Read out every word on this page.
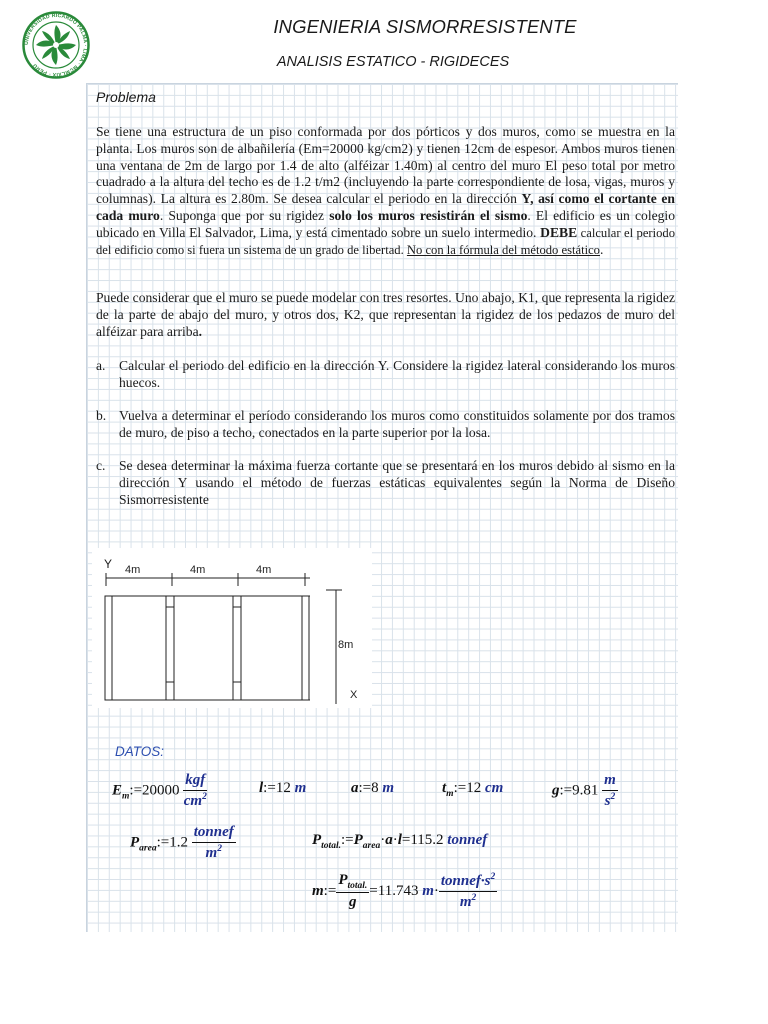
UNIVERSIDAD RICARDO PALMA · LIMA · MCMLXIX · PERÚ
INGENIERIA SISMORRESISTENTE
ANALISIS ESTATICO - RIGIDECES
Problema

Se tiene una estructura de un piso conformada por dos pórticos y dos muros, como se muestra en la planta. Los muros son de albañilería (Em=20000 kg/cm2) y tienen 12cm de espesor. Ambos muros tienen una ventana de 2m de largo por 1.4 de alto (alféizar 1.40m) al centro del muro El peso total por metro cuadrado a la altura del techo es de 1.2 t/m2 (incluyendo la parte correspondiente de losa, vigas, muros y columnas). La altura es 2.80m. Se desea calcular el periodo en la dirección Y, así como el cortante en cada muro. Suponga que por su rigidez solo los muros resistirán el sismo. El edificio es un colegio ubicado en Villa El Salvador, Lima, y está cimentado sobre un suelo intermedio. DEBE calcular el periodo del edificio como si fuera un sistema de un grado de libertad. No con la fórmula del método estático.

Puede considerar que el muro se puede modelar con tres resortes. Uno abajo, K1, que representa la rigidez de la parte de abajo del muro, y otros dos, K2, que representan la rigidez de los pedazos de muro del alféizar para arriba.

a. Calcular el periodo del edificio en la dirección Y. Considere la rigidez lateral considerando los muros huecos.
b. Vuelva a determinar el período considerando los muros como constituidos solamente por dos tramos de muro, de piso a techo, conectados en la parte superior por la losa.
c. Se desea determinar la máxima fuerza cortante que se presentará en los muros debido al sismo en la dirección Y usando el método de fuerzas estáticas equivalentes según la Norma de Diseño Sismorresistente
Y 4m	4m	4m
8m
X
DATOS:
$E_m:=20000 \frac{\text{kgf}}{cm^2}$	l:=12 m	a:=8 m	$t_m:=12$ cm	g:=9.81 $\frac{m}{s^2}$
$P_{area}:=1.2 \frac{\text{tonnef}}{m^2}$	$P_{total.}:=P_{area}\cdot a\cdot l=115.2$ tonnef
m:= $\frac{P_{total.}}{g} =11.743$ $m\cdot \frac{tonnef\cdot s^2}{m^2}$
